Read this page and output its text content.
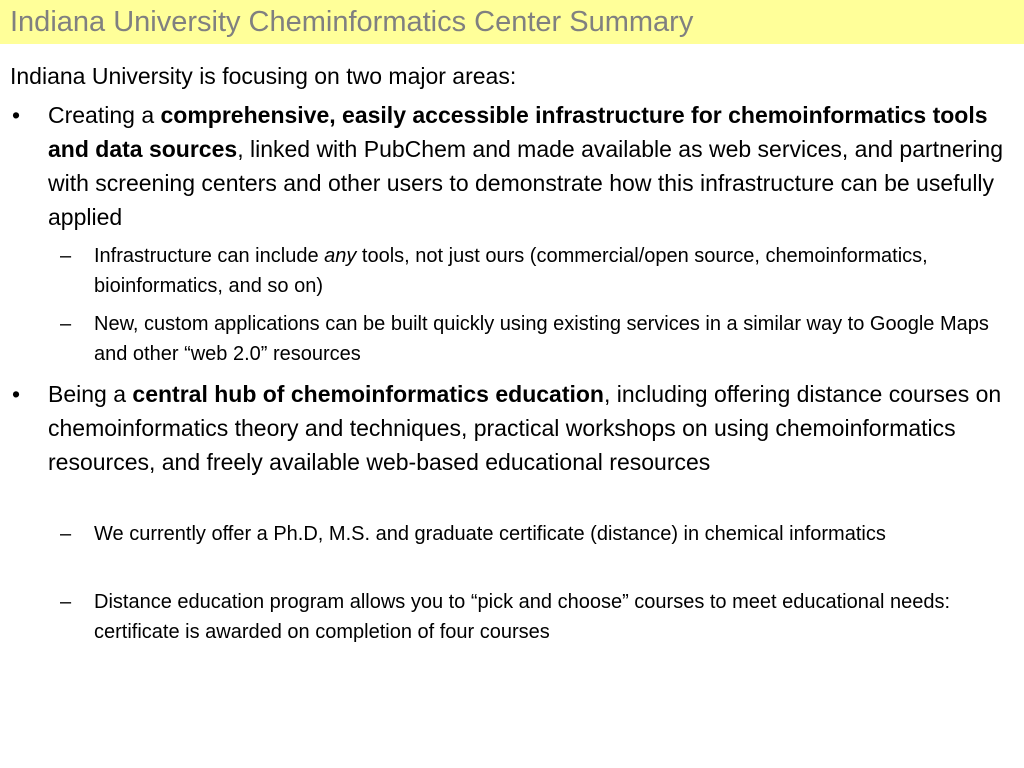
Indiana University Cheminformatics Center Summary
Indiana University is focusing on two major areas:
• Creating a comprehensive, easily accessible infrastructure for chemoinformatics tools and data sources, linked with PubChem and made available as web services, and partnering with screening centers and other users to demonstrate how this infrastructure can be usefully applied
– Infrastructure can include any tools, not just ours (commercial/open source, chemoinformatics, bioinformatics, and so on)
– New, custom applications can be built quickly using existing services in a similar way to Google Maps and other “web 2.0” resources
• Being a central hub of chemoinformatics education, including offering distance courses on chemoinformatics theory and techniques, practical workshops on using chemoinformatics resources, and freely available web-based educational resources
– We currently offer a Ph.D, M.S. and graduate certificate (distance) in chemical informatics
– Distance education program allows you to “pick and choose” courses to meet educational needs: certificate is awarded on completion of four courses
